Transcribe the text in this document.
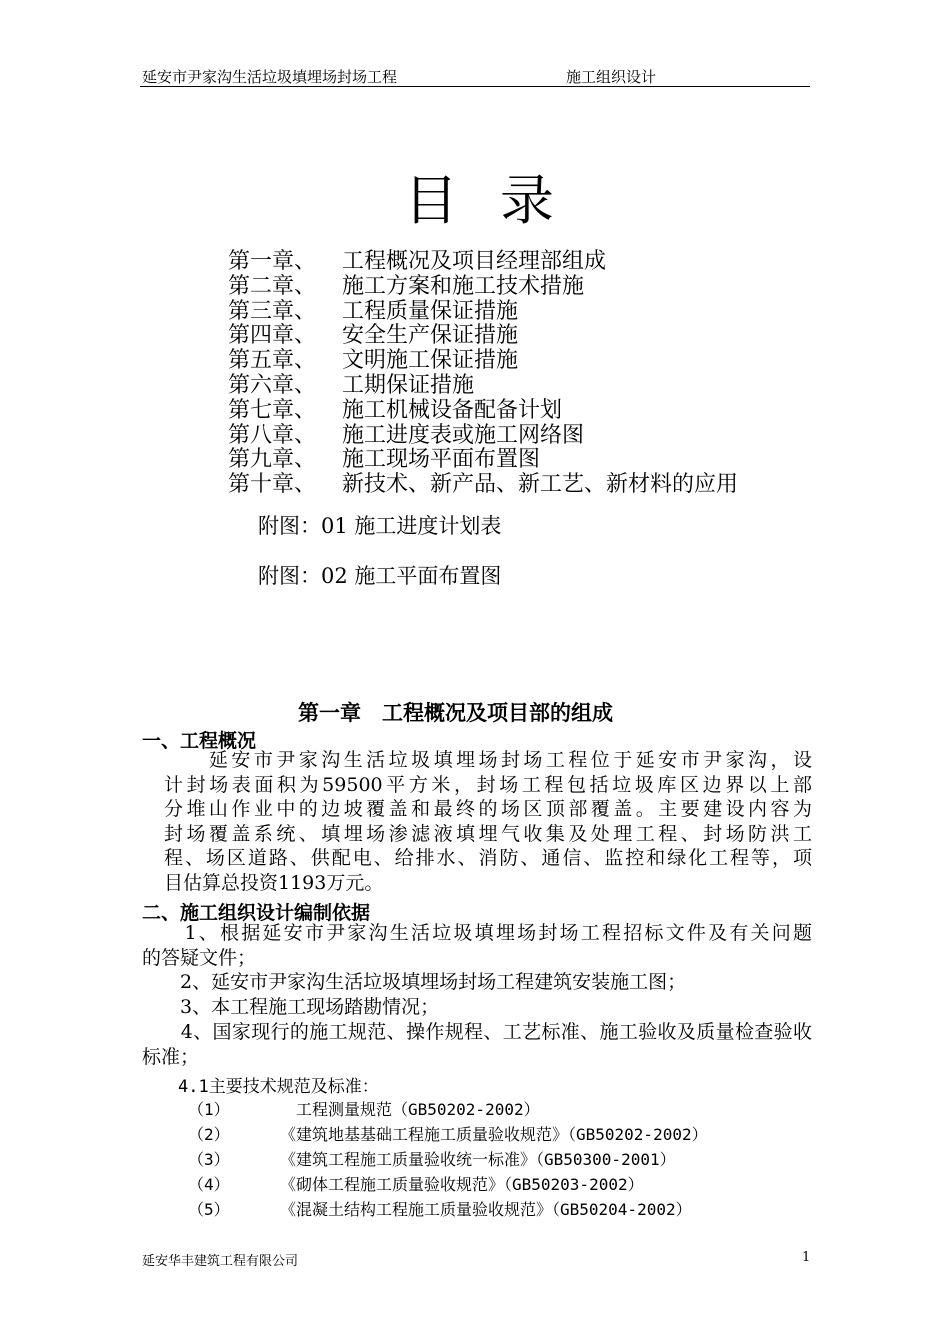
延安市尹家沟生活垃圾填埋场封场工程	施工组织设计
目录
第一章、 工程概况及项目经理部组成
第二章、 施工方案和施工技术措施
第三章、 工程质量保证措施
第四章、 安全生产保证措施
第五章、 文明施工保证措施
第六章、 工期保证措施
第七章、 施工机械设备配备计划
第八章、 施工进度表或施工网络图
第九章、 施工现场平面布置图
第十章、 新技术、新产品、新工艺、新材料的应用
附图：01 施工进度计划表
附图：02 施工平面布置图
第一章　工程概况及项目部的组成
一、工程概况
　　延安市尹家沟生活垃圾填埋场封场工程位于延安市尹家沟，设
计封场表面积为59500平方米，封场工程包括垃圾库区边界以上部
分堆山作业中的边坡覆盖和最终的场区顶部覆盖。主要建设内容为
封场覆盖系统、填埋场渗滤液填埋气收集及处理工程、封场防洪工
程、场区道路、供配电、给排水、消防、通信、监控和绿化工程等，项
目估算总投资1193万元。
二、施工组织设计编制依据
　　1、根据延安市尹家沟生活垃圾填埋场封场工程招标文件及有关问题
的答疑文件；
　　2、延安市尹家沟生活垃圾填埋场封场工程建筑安装施工图；
　　3、本工程施工现场踏勘情况；
　　4、国家现行的施工规范、操作规程、工艺标准、施工验收及质量检查验收
标准；
4.1主要技术规范及标准：
（1）	　工程测量规范（GB50202-2002）
（2）	《建筑地基基础工程施工质量验收规范》（GB50202-2002）
（3）	《建筑工程施工质量验收统一标准》（GB50300-2001）
（4）	《砌体工程施工质量验收规范》（GB50203-2002）
（5）	《混凝土结构工程施工质量验收规范》（GB50204-2002）
延安华丰建筑工程有限公司	1
